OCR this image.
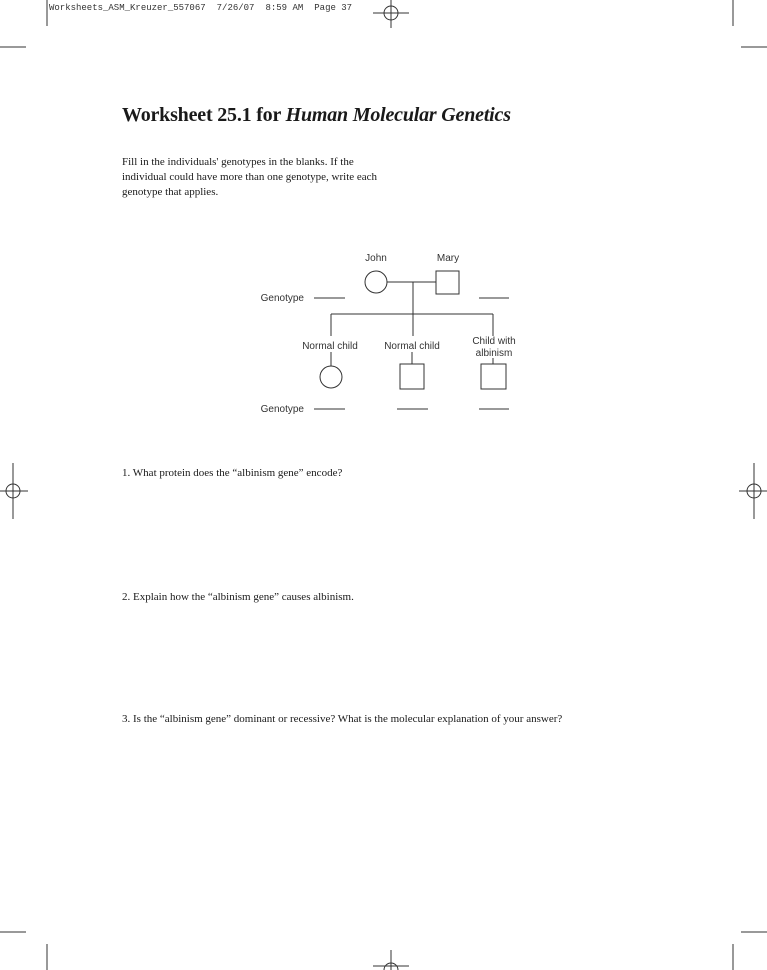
Worksheets_ASM_Kreuzer_557067 7/26/07 8:59 AM Page 37
Worksheet 25.1 for Human Molecular Genetics
Fill in the individuals' genotypes in the blanks. If the individual could have more than one genotype, write each genotype that applies.
John	Mary
Genotype
Normal child	Normal child	Child with
albinism
Genotype
1. What protein does the “albinism gene” encode?
2. Explain how the “albinism gene” causes albinism.
3. Is the “albinism gene” dominant or recessive? What is the molecular explanation of your answer?
